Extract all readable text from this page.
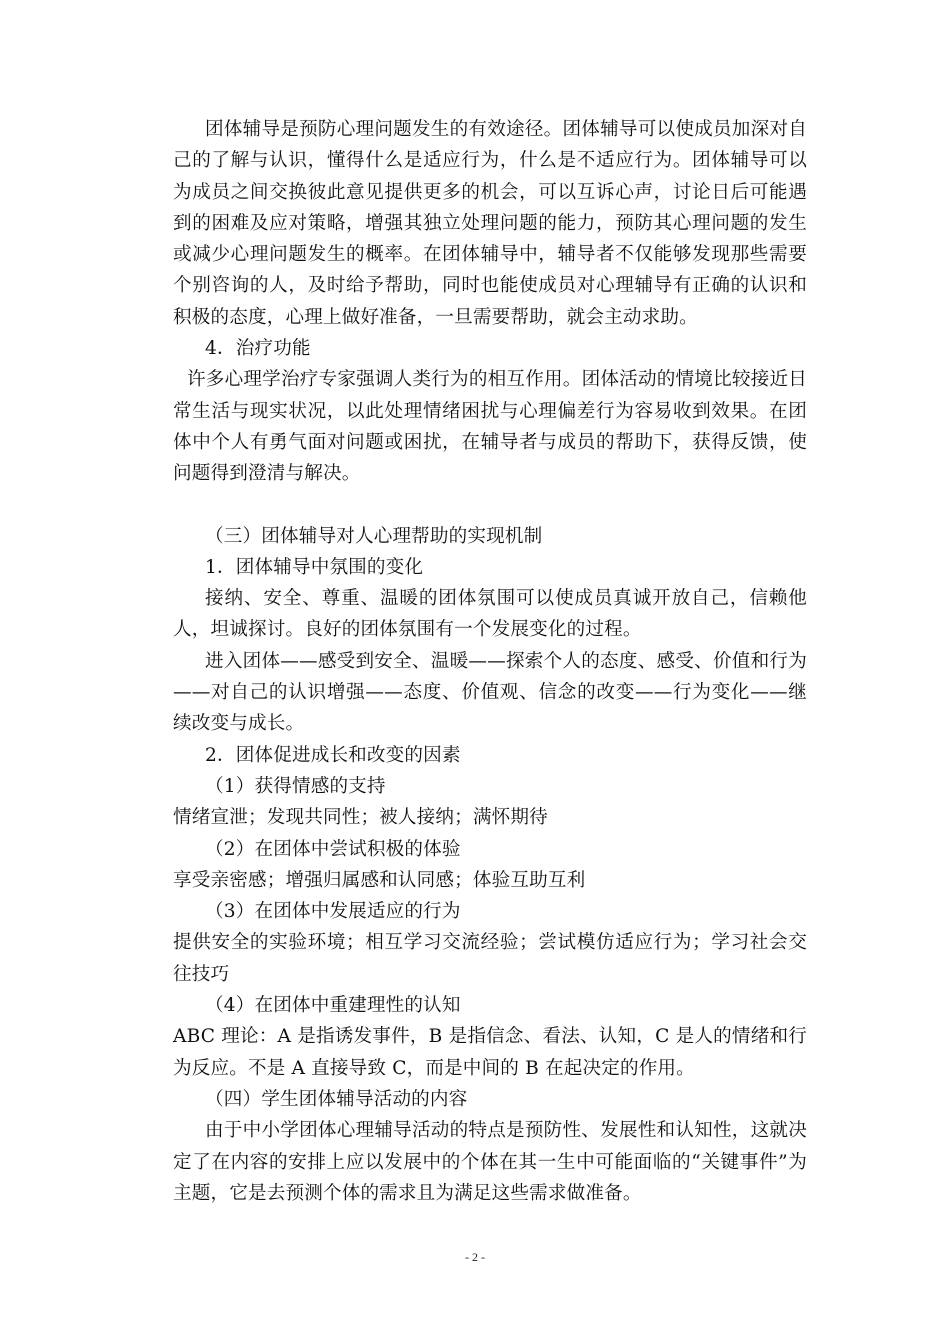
团体辅导是预防心理问题发生的有效途径。团体辅导可以使成员加深对自己的了解与认识，懂得什么是适应行为，什么是不适应行为。团体辅导可以为成员之间交换彼此意见提供更多的机会，可以互诉心声，讨论日后可能遇到的困难及应对策略，增强其独立处理问题的能力，预防其心理问题的发生或减少心理问题发生的概率。在团体辅导中，辅导者不仅能够发现那些需要个别咨询的人，及时给予帮助，同时也能使成员对心理辅导有正确的认识和积极的态度，心理上做好准备，一旦需要帮助，就会主动求助。

4．治疗功能

许多心理学治疗专家强调人类行为的相互作用。团体活动的情境比较接近日常生活与现实状况，以此处理情绪困扰与心理偏差行为容易收到效果。在团体中个人有勇气面对问题或困扰，在辅导者与成员的帮助下，获得反馈，使问题得到澄清与解决。

（三）团体辅导对人心理帮助的实现机制

1．团体辅导中氛围的变化

接纳、安全、尊重、温暖的团体氛围可以使成员真诚开放自己，信赖他人，坦诚探讨。良好的团体氛围有一个发展变化的过程。

进入团体——感受到安全、温暖——探索个人的态度、感受、价值和行为——对自己的认识增强——态度、价值观、信念的改变——行为变化——继续改变与成长。

2．团体促进成长和改变的因素

（1）获得情感的支持

情绪宣泄；发现共同性；被人接纳；满怀期待

（2）在团体中尝试积极的体验

享受亲密感；增强归属感和认同感；体验互助互利

（3）在团体中发展适应的行为

提供安全的实验环境；相互学习交流经验；尝试模仿适应行为；学习社会交往技巧

（4）在团体中重建理性的认知

ABC 理论：A 是指诱发事件，B 是指信念、看法、认知，C 是人的情绪和行为反应。不是 A 直接导致 C，而是中间的 B 在起决定的作用。

（四）学生团体辅导活动的内容

由于中小学团体心理辅导活动的特点是预防性、发展性和认知性，这就决定了在内容的安排上应以发展中的个体在其一生中可能面临的“关键事件”为主题，它是去预测个体的需求且为满足这些需求做准备。

- 2 -
